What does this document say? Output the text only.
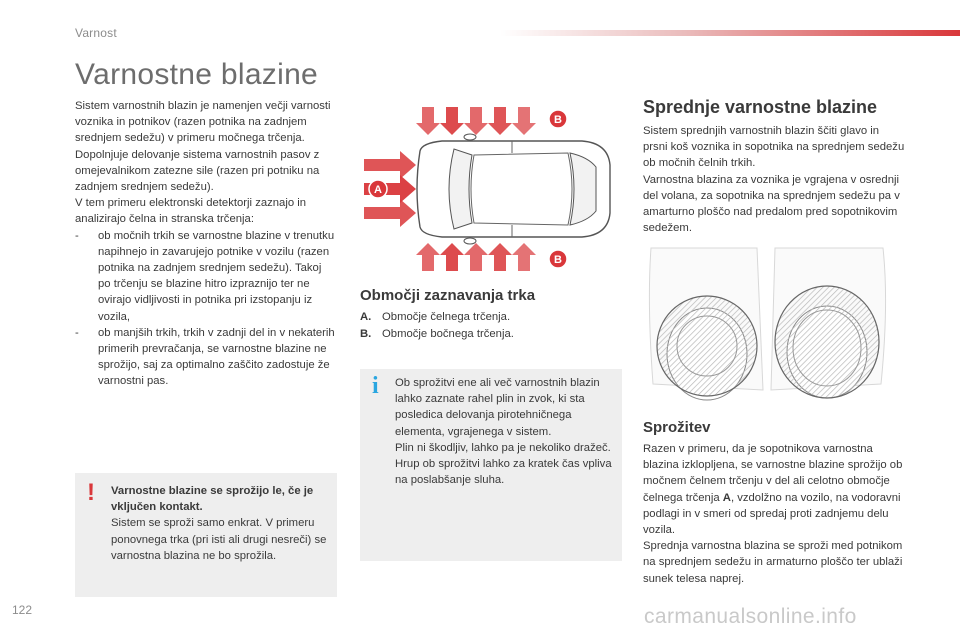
Varnost
Varnostne blazine

Sistem varnostnih blazin je namenjen večji varnosti voznika in potnikov (razen potnika na zadnjem srednjem sedežu) v primeru močnega trčenja. Dopolnjuje delovanje sistema varnostnih pasov z omejevalnikom zatezne sile (razen pri potniku na zadnjem srednjem sedežu).

V tem primeru elektronski detektorji zaznajo in analizirajo čelna in stranska trčenja:

- ob močnih trkih se varnostne blazine v trenutku napihnejo in zavarujejo potnike v vozilu (razen potnika na zadnjem srednjem sedežu). Takoj po trčenju se blazine hitro izpraznijo ter ne ovirajo vidljivosti in potnika pri izstopanju iz vozila,
- ob manjših trkih, trkih v zadnji del in v nekaterih primerih prevračanja, se varnostne blazine ne sprožijo, saj za optimalno zaščito zadostuje že varnostni pas.
! Varnostne blazine se sprožijo le, če je vključen kontakt.
Sistem se sproži samo enkrat. V primeru ponovnega trka (pri isti ali drugi nesreči) se varnostna blazina ne bo sprožila.
A
B
B
Območji zaznavanja trka
A. Območje čelnega trčenja.
B. Območje bočnega trčenja.
i Ob sprožitvi ene ali več varnostnih blazin lahko zaznate rahel plin in zvok, ki sta posledica delovanja pirotehničnega elementa, vgrajenega v sistem.
Plin ni škodljiv, lahko pa je nekoliko dražeč.
Hrup ob sprožitvi lahko za kratek čas vpliva na poslabšanje sluha.
Sprednje varnostne blazine
Sistem sprednjih varnostnih blazin ščiti glavo in prsni koš voznika in sopotnika na sprednjem sedežu ob močnih čelnih trkih.
Varnostna blazina za voznika je vgrajena v osrednji del volana, za sopotnika na sprednjem sedežu pa v amarturno ploščo nad predalom pred sopotnikovim sedežem.
Sprožitev
Razen v primeru, da je sopotnikova varnostna blazina izklopljena, se varnostne blazine sprožijo ob močnem čelnem trčenju v del ali celotno območje čelnega trčenja A, vzdolžno na vozilo, na vodoravni podlagi in v smeri od spredaj proti zadnjemu delu vozila.
Sprednja varnostna blazina se sproži med potnikom na sprednjem sedežu in armaturno ploščo ter ublaži sunek telesa naprej.
122	carmanualsonline.info
